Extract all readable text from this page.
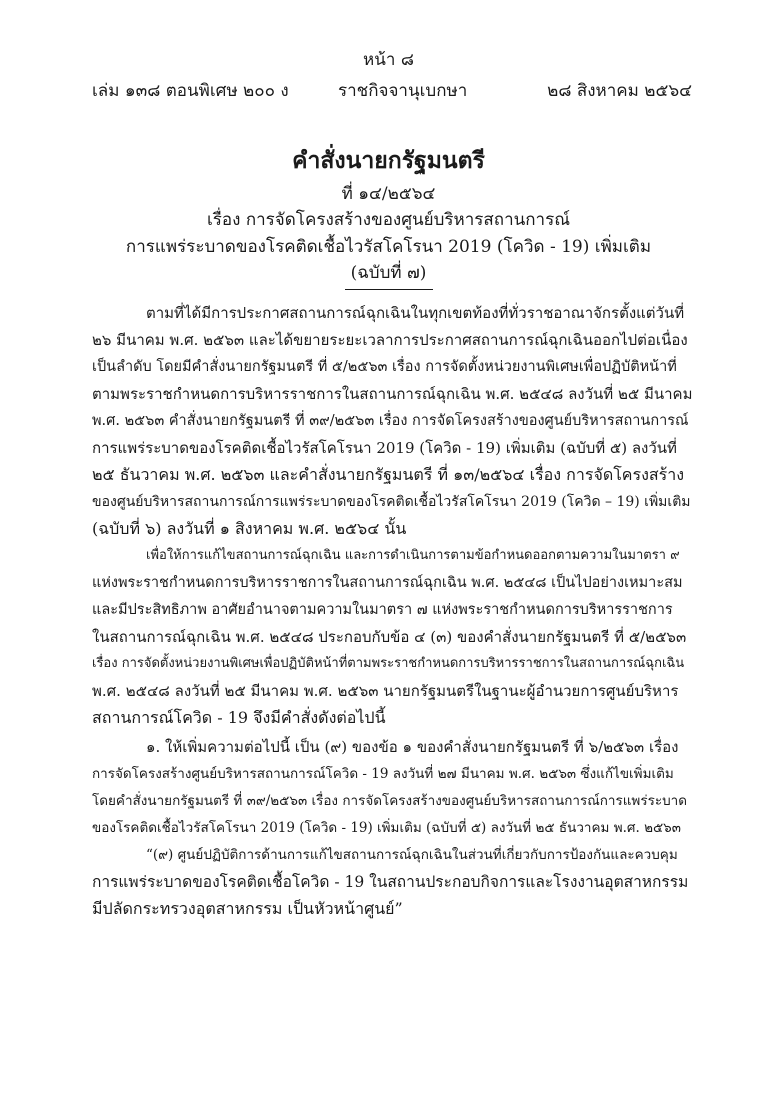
หน้า ๘
เล่ม ๑๓๘ ตอนพิเศษ ๒๐๐ ง	ราชกิจจานุเบกษา	๒๘ สิงหาคม ๒๕๖๔
คำสั่งนายกรัฐมนตรี
ที่ ๑๔/๒๕๖๔
เรื่อง การจัดโครงสร้างของศูนย์บริหารสถานการณ์
การแพร่ระบาดของโรคติดเชื้อไวรัสโคโรนา 2019 (โควิด - 19) เพิ่มเติม
(ฉบับที่ ๗)
ตามที่ได้มีการประกาศสถานการณ์ฉุกเฉินในทุกเขตท้องที่ทั่วราชอาณาจักรตั้งแต่วันที่
๒๖ มีนาคม พ.ศ. ๒๕๖๓ และได้ขยายระยะเวลาการประกาศสถานการณ์ฉุกเฉินออกไปต่อเนื่อง
เป็นลำดับ โดยมีคำสั่งนายกรัฐมนตรี ที่ ๕/๒๕๖๓ เรื่อง การจัดตั้งหน่วยงานพิเศษเพื่อปฏิบัติหน้าที่
ตามพระราชกำหนดการบริหารราชการในสถานการณ์ฉุกเฉิน พ.ศ. ๒๕๔๘ ลงวันที่ ๒๕ มีนาคม
พ.ศ. ๒๕๖๓ คำสั่งนายกรัฐมนตรี ที่ ๓๙/๒๕๖๓ เรื่อง การจัดโครงสร้างของศูนย์บริหารสถานการณ์
การแพร่ระบาดของโรคติดเชื้อไวรัสโคโรนา 2019 (โควิด - 19) เพิ่มเติม (ฉบับที่ ๕) ลงวันที่
๒๕ ธันวาคม พ.ศ. ๒๕๖๓ และคำสั่งนายกรัฐมนตรี ที่ ๑๓/๒๕๖๔ เรื่อง การจัดโครงสร้าง
ของศูนย์บริหารสถานการณ์การแพร่ระบาดของโรคติดเชื้อไวรัสโคโรนา 2019 (โควิด – 19) เพิ่มเติม
(ฉบับที่ ๖) ลงวันที่ ๑ สิงหาคม พ.ศ. ๒๕๖๔ นั้น
เพื่อให้การแก้ไขสถานการณ์ฉุกเฉิน และการดำเนินการตามข้อกำหนดออกตามความในมาตรา ๙
แห่งพระราชกำหนดการบริหารราชการในสถานการณ์ฉุกเฉิน พ.ศ. ๒๕๔๘ เป็นไปอย่างเหมาะสม
และมีประสิทธิภาพ อาศัยอำนาจตามความในมาตรา ๗ แห่งพระราชกำหนดการบริหารราชการ
ในสถานการณ์ฉุกเฉิน พ.ศ. ๒๕๔๘ ประกอบกับข้อ ๔ (๓) ของคำสั่งนายกรัฐมนตรี ที่ ๕/๒๕๖๓
เรื่อง การจัดตั้งหน่วยงานพิเศษเพื่อปฏิบัติหน้าที่ตามพระราชกำหนดการบริหารราชการในสถานการณ์ฉุกเฉิน
พ.ศ. ๒๕๔๘ ลงวันที่ ๒๕ มีนาคม พ.ศ. ๒๕๖๓ นายกรัฐมนตรีในฐานะผู้อำนวยการศูนย์บริหาร
สถานการณ์โควิด - 19 จึงมีคำสั่งดังต่อไปนี้
๑. ให้เพิ่มความต่อไปนี้ เป็น (๙) ของข้อ ๑ ของคำสั่งนายกรัฐมนตรี ที่ ๖/๒๕๖๓ เรื่อง
การจัดโครงสร้างศูนย์บริหารสถานการณ์โควิด - 19 ลงวันที่ ๒๗ มีนาคม พ.ศ. ๒๕๖๓ ซึ่งแก้ไขเพิ่มเติม
โดยคำสั่งนายกรัฐมนตรี ที่ ๓๙/๒๕๖๓ เรื่อง การจัดโครงสร้างของศูนย์บริหารสถานการณ์การแพร่ระบาด
ของโรคติดเชื้อไวรัสโคโรนา 2019 (โควิด - 19) เพิ่มเติม (ฉบับที่ ๕) ลงวันที่ ๒๕ ธันวาคม พ.ศ. ๒๕๖๓
“(๙) ศูนย์ปฏิบัติการด้านการแก้ไขสถานการณ์ฉุกเฉินในส่วนที่เกี่ยวกับการป้องกันและควบคุม
การแพร่ระบาดของโรคติดเชื้อโควิด - 19 ในสถานประกอบกิจการและโรงงานอุตสาหกรรม
มีปลัดกระทรวงอุตสาหกรรม เป็นหัวหน้าศูนย์”
